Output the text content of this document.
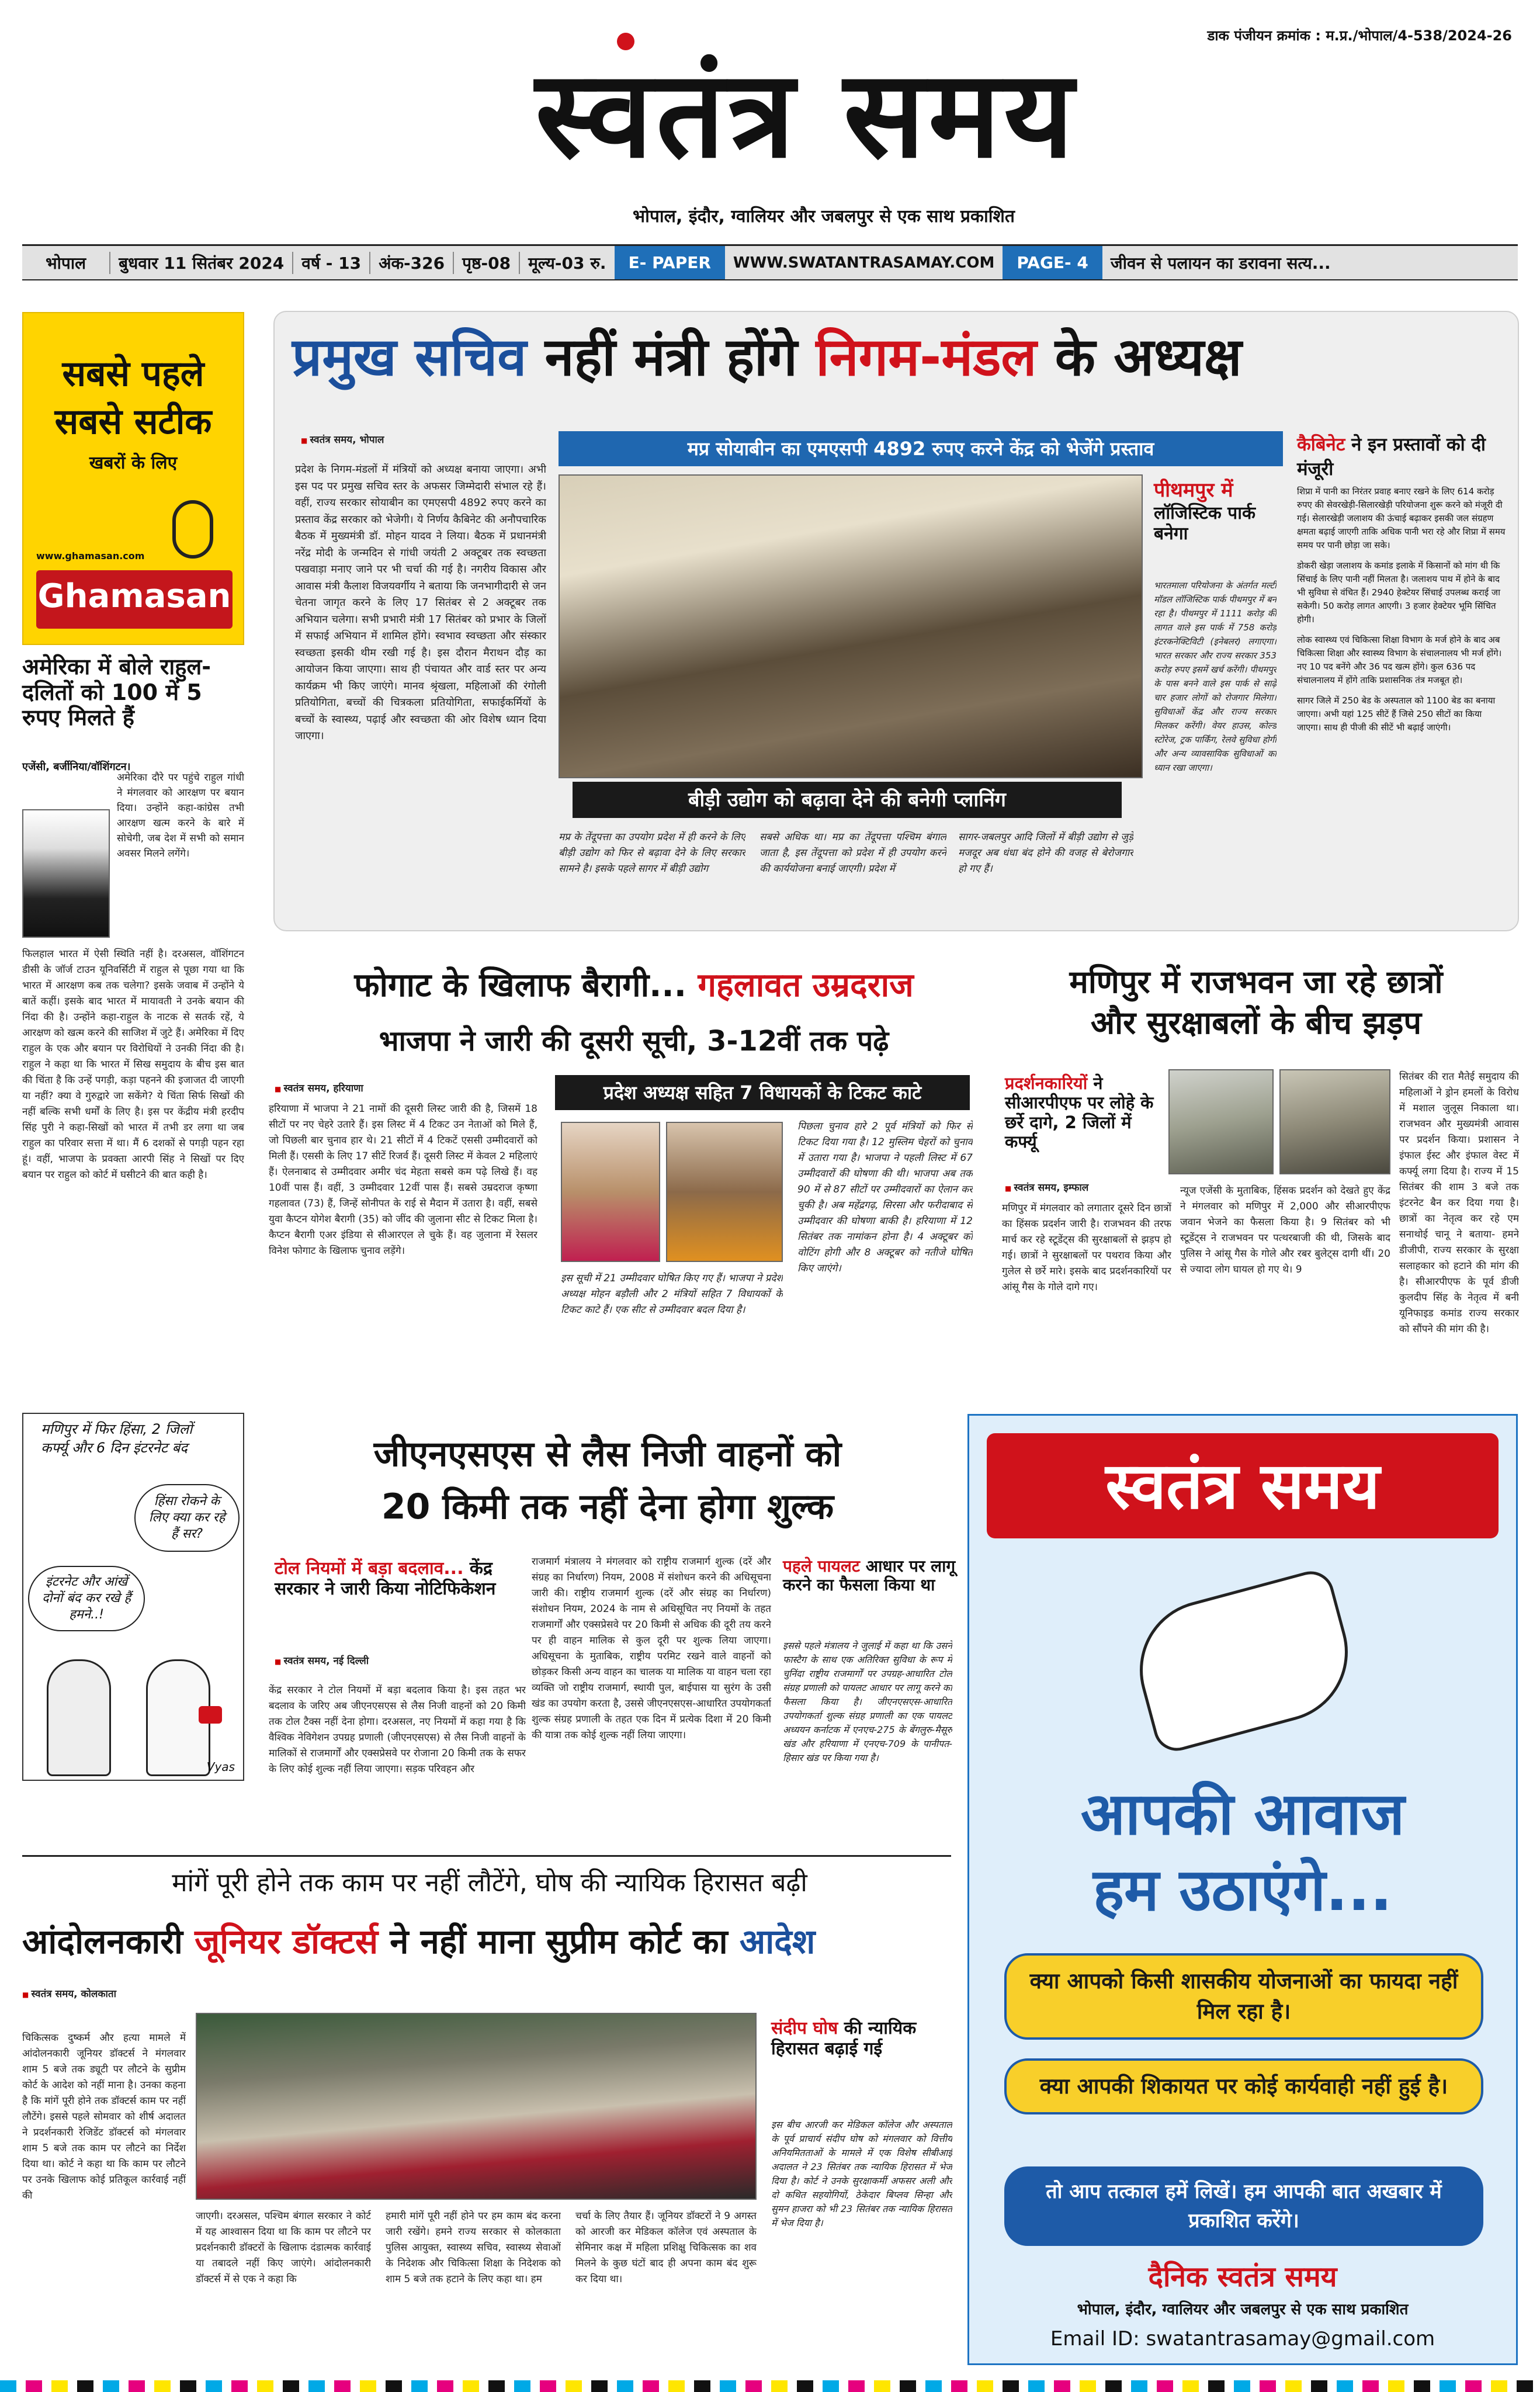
डाक पंजीयन क्रमांक : म.प्र./भोपाल/4-538/2024-26
स्वतंत्र समय
भोपाल, इंदौर, ग्वालियर और जबलपुर से एक साथ प्रकाशित
भोपाल	बुधवार 11 सितंबर 2024	वर्ष - 13	अंक-326	पृष्ठ-08	मूल्य-03 रु.	E- PAPER	WWW.SWATANTRASAMAY.COM	PAGE- 4	जीवन से पलायन का डरावना सत्य...
सबसे पहले
सबसे सटीक
खबरों के लिए
www.ghamasan.com
Ghamasan
अमेरिका में बोले राहुल-दलितों को 100 में 5 रुपए मिलते हैं
एजेंसी, बर्जीनिया/वॉशिंगटन।
अमेरिका दौरे पर पहुंचे राहुल गांधी ने मंगलवार को आरक्षण पर बयान दिया। उन्होंने कहा-कांग्रेस तभी आरक्षण खत्म करने के बारे में सोचेगी, जब देश में सभी को समान अवसर मिलने लगेंगे।
फिलहाल भारत में ऐसी स्थिति नहीं है। दरअसल, वॉशिंगटन डीसी के जॉर्ज टाउन यूनिवर्सिटी में राहुल से पूछा गया था कि भारत में आरक्षण कब तक चलेगा? इसके जवाब में उन्होंने ये बातें कहीं। इसके बाद भारत में मायावती ने उनके बयान की निंदा की है। उन्होंने कहा-राहुल के नाटक से सतर्क रहें, ये आरक्षण को खत्म करने की साजिश में जुटे हैं। अमेरिका में दिए राहुल के एक और बयान पर विरोधियों ने उनकी निंदा की है। राहुल ने कहा था कि भारत में सिख समुदाय के बीच इस बात की चिंता है कि उन्हें पगड़ी, कड़ा पहनने की इजाजत दी जाएगी या नहीं? क्या वे गुरुद्वारे जा सकेंगे? ये चिंता सिर्फ सिखों की नहीं बल्कि सभी धर्मों के लिए है। इस पर केंद्रीय मंत्री हरदीप सिंह पुरी ने कहा-सिखों को भारत में तभी डर लगा था जब राहुल का परिवार सत्ता में था। मैं 6 दशकों से पगड़ी पहन रहा हूं। वहीं, भाजपा के प्रवक्ता आरपी सिंह ने सिखों पर दिए बयान पर राहुल को कोर्ट में घसीटने की बात कही है।
प्रमुख सचिव नहीं मंत्री होंगे निगम-मंडल के अध्यक्ष
■ स्वतंत्र समय, भोपाल
प्रदेश के निगम-मंडलों में मंत्रियों को अध्यक्ष बनाया जाएगा। अभी इस पद पर प्रमुख सचिव स्तर के अफसर जिम्मेदारी संभाल रहे हैं। वहीं, राज्य सरकार सोयाबीन का एमएसपी 4892 रुपए करने का प्रस्ताव केंद्र सरकार को भेजेगी। ये निर्णय कैबिनेट की अनौपचारिक बैठक में मुख्यमंत्री डॉ. मोहन यादव ने लिया। बैठक में प्रधानमंत्री नरेंद्र मोदी के जन्मदिन से गांधी जयंती 2 अक्टूबर तक स्वच्छता पखवाड़ा मनाए जाने पर भी चर्चा की गई है। नगरीय विकास और आवास मंत्री कैलाश विजयवर्गीय ने बताया कि जनभागीदारी से जन चेतना जागृत करने के लिए 17 सितंबर से 2 अक्टूबर तक अभियान चलेगा। सभी प्रभारी मंत्री 17 सितंबर को प्रभार के जिलों में सफाई अभियान में शामिल होंगे। स्वभाव स्वच्छता और संस्कार स्वच्छता इसकी थीम रखी गई है। इस दौरान मैराथन दौड़ का आयोजन किया जाएगा। साथ ही पंचायत और वार्ड स्तर पर अन्य कार्यक्रम भी किए जाएंगे। मानव श्रृंखला, महिलाओं की रंगोली प्रतियोगिता, बच्चों की चित्रकला प्रतियोगिता, सफाईकर्मियों के बच्चों के स्वास्थ्य, पढ़ाई और स्वच्छता की ओर विशेष ध्यान दिया जाएगा।
मप्र सोयाबीन का एमएसपी 4892 रुपए करने केंद्र को भेजेंगे प्रस्ताव
बीड़ी उद्योग को बढ़ावा देने की बनेगी प्लानिंग
मप्र के तेंदूपत्ता का उपयोग प्रदेश में ही करने के लिए बीड़ी उद्योग को फिर से बढ़ावा देने के लिए सरकार सामने है। इसके पहले सागर में बीड़ी उद्योग
सबसे अधिक था। मप्र का तेंदूपत्ता पश्चिम बंगाल जाता है, इस तेंदूपत्ता को प्रदेश में ही उपयोग करने की कार्ययोजना बनाई जाएगी। प्रदेश में
सागर-जबलपुर आदि जिलों में बीड़ी उद्योग से जुड़े मजदूर अब धंधा बंद होने की वजह से बेरोजगार हो गए हैं।
पीथमपुर में
लॉजिस्टिक पार्क बनेगा
भारतमाला परियोजना के अंतर्गत मल्टी मॉडल लॉजिस्टिक पार्क पीथमपुर में बन रहा है। पीथमपुर में 1111 करोड़ की लागत वाले इस पार्क में 758 करोड़ इंटरकनेक्टिविटी (इनेबलर) लगाएगा। भारत सरकार और राज्य सरकार 353 करोड़ रुपए इसमें खर्च करेंगी। पीथमपुर के पास बनने वाले इस पार्क से साढ़े चार हजार लोगों को रोजगार मिलेगा। सुविधाओं केंद्र और राज्य सरकार मिलकर करेंगी। वेयर हाउस, कोल्ड स्टोरेज, ट्रक पार्किंग, रेलवे सुविधा होगी और अन्य व्यावसायिक सुविधाओं का ध्यान रखा जाएगा।
कैबिनेट ने इन प्रस्तावों को दी मंजूरी
शिप्रा में पानी का निरंतर प्रवाह बनाए रखने के लिए 614 करोड़ रुपए की सेवरखेड़ी-सिलारखेड़ी परियोजना शुरू करने को मंजूरी दी गई। सेलारखेड़ी जलाशय की ऊंचाई बढ़ाकर इसकी जल संग्रहण क्षमता बढ़ाई जाएगी ताकि अधिक पानी भरा रहे और शिप्रा में समय समय पर पानी छोड़ा जा सके।
डोकरी खेड़ा जलाशय के कमांड इलाके में किसानों को मांग थी कि सिंचाई के लिए पानी नहीं मिलता है। जलाशय पाथ में होने के बाद भी सुविधा से वंचित हैं। 2940 हेक्टेयर सिंचाई उपलब्ध कराई जा सकेगी। 50 करोड़ लागत आएगी। 3 हजार हेक्टेयर भूमि सिंचित होगी।
लोक स्वास्थ्य एवं चिकित्सा शिक्षा विभाग के मर्ज होने के बाद अब चिकित्सा शिक्षा और स्वास्थ्य विभाग के संचालनालय भी मर्ज होंगे। नए 10 पद बनेंगे और 36 पद खत्म होंगे। कुल 636 पद संचालनालय में होंगे ताकि प्रशासनिक तंत्र मजबूत हो।
सागर जिले में 250 बेड के अस्पताल को 1100 बेड का बनाया जाएगा। अभी यहां 125 सीटें हैं जिसे 250 सीटों का किया जाएगा। साथ ही पीजी की सीटें भी बढ़ाई जाएंगी।
फोगाट के खिलाफ बैरागी... गहलावत उम्रदराज
भाजपा ने जारी की दूसरी सूची, 3-12वीं तक पढ़े
■ स्वतंत्र समय, हरियाणा
हरियाणा में भाजपा ने 21 नामों की दूसरी लिस्ट जारी की है, जिसमें 18 सीटों पर नए चेहरे उतारे हैं। इस लिस्ट में 4 टिकट उन नेताओं को मिले हैं, जो पिछली बार चुनाव हार थे। 21 सीटों में 4 टिकटें एससी उम्मीदवारों को मिली हैं। एससी के लिए 17 सीटें रिजर्व हैं। दूसरी लिस्ट में केवल 2 महिलाएं हैं। ऐलनाबाद से उम्मीदवार अमीर चंद मेहता सबसे कम पढ़े लिखे हैं। वह 10वीं पास हैं। वहीं, 3 उम्मीदवार 12वीं पास हैं। सबसे उम्रदराज कृष्णा गहलावत (73) हैं, जिन्हें सोनीपत के राई से मैदान में उतारा है। वहीं, सबसे युवा कैप्टन योगेश बैरागी (35) को जींद की जुलाना सीट से टिकट मिला है। कैप्टन बैरागी एअर इंडिया से सीआरएल ले चुके हैं। वह जुलाना में रेसलर विनेश फोगाट के खिलाफ चुनाव लड़ेंगे।
प्रदेश अध्यक्ष सहित 7 विधायकों के टिकट काटे
इस सूची में 21 उम्मीदवार घोषित किए गए हैं। भाजपा ने प्रदेश अध्यक्ष मोहन बड़ौली और 2 मंत्रियों सहित 7 विधायकों के टिकट काटे हैं। एक सीट से उम्मीदवार बदल दिया है।
पिछला चुनाव हारे 2 पूर्व मंत्रियों को फिर से टिकट दिया गया है। 12 मुस्लिम चेहरों को चुनाव में उतारा गया है। भाजपा ने पहली लिस्ट में 67 उम्मीदवारों की घोषणा की थी। भाजपा अब तक 90 में से 87 सीटों पर उम्मीदवारों का ऐलान कर चुकी है। अब महेंद्रगढ़, सिरसा और फरीदाबाद से उम्मीदवार की घोषणा बाकी है। हरियाणा में 12 सितंबर तक नामांकन होना है। 4 अक्टूबर को वोटिंग होगी और 8 अक्टूबर को नतीजे घोषित किए जाएंगे।
मणिपुर में राजभवन जा रहे छात्रों
और सुरक्षाबलों के बीच झड़प
प्रदर्शनकारियों ने सीआरपीएफ पर लोहे के छर्रे दागे, 2 जिलों में कर्फ्यू
■ स्वतंत्र समय, इम्फाल
मणिपुर में मंगलवार को लगातार दूसरे दिन छात्रों का हिंसक प्रदर्शन जारी है। राजभवन की तरफ मार्च कर रहे स्टूडेंट्स की सुरक्षाबलों से झड़प हो गई। छात्रों ने सुरक्षाबलों पर पथराव किया और गुलेल से छर्रे मारे। इसके बाद प्रदर्शनकारियों पर आंसू गैस के गोले दागे गए।
न्यूज एजेंसी के मुताबिक, हिंसक प्रदर्शन को देखते हुए केंद्र ने मंगलवार को मणिपुर में 2,000 और सीआरपीएफ जवान भेजने का फैसला किया है। 9 सितंबर को भी स्टूडेंट्स ने राजभवन पर पत्थरबाजी की थी, जिसके बाद पुलिस ने आंसू गैस के गोले और रबर बुलेट्स दागी थीं। 20 से ज्यादा लोग घायल हो गए थे। 9
सितंबर की रात मैतेई समुदाय की महिलाओं ने ड्रोन हमलों के विरोध में मशाल जुलूस निकाला था। राजभवन और मुख्यमंत्री आवास पर प्रदर्शन किया। प्रशासन ने इंफाल ईस्ट और इंफाल वेस्ट में कर्फ्यू लगा दिया है। राज्य में 15 सितंबर की शाम 3 बजे तक इंटरनेट बैन कर दिया गया है। छात्रों का नेतृत्व कर रहे एम सनाथोई चानू ने बताया- हमने डीजीपी, राज्य सरकार के सुरक्षा सलाहकार को हटाने की मांग की है। सीआरपीएफ के पूर्व डीजी कुलदीप सिंह के नेतृत्व में बनी यूनिफाइड कमांड राज्य सरकार को सौंपने की मांग की है।
मणिपुर में फिर हिंसा, 2 जिलों कर्फ्यू और 6 दिन इंटरनेट बंद
हिंसा रोकने के लिए क्या कर रहे हैं सर?
इंटरनेट और आंखें दोनों बंद कर रखे हैं हमने..!
Vyas
जीएनएसएस से लैस निजी वाहनों को
20 किमी तक नहीं देना होगा शुल्क
टोल नियमों में बड़ा बदलाव... केंद्र सरकार ने जारी किया नोटिफिकेशन
■ स्वतंत्र समय, नई दिल्ली
केंद्र सरकार ने टोल नियमों में बड़ा बदलाव किया है। इस तहत भर बदलाव के जरिए अब जीएनएसएस से लैस निजी वाहनों को 20 किमी तक टोल टैक्स नहीं देना होगा। दरअसल, नए नियमों में कहा गया है कि वैश्विक नेविगेशन उपग्रह प्रणाली (जीएनएसएस) से लैस निजी वाहनों के मालिकों से राजमार्गों और एक्सप्रेसवे पर रोजाना 20 किमी तक के सफर के लिए कोई शुल्क नहीं लिया जाएगा। सड़क परिवहन और
राजमार्ग मंत्रालय ने मंगलवार को राष्ट्रीय राजमार्ग शुल्क (दरें और संग्रह का निर्धारण) नियम, 2008 में संशोधन करने की अधिसूचना जारी की। राष्ट्रीय राजमार्ग शुल्क (दरें और संग्रह का निर्धारण) संशोधन नियम, 2024 के नाम से अधिसूचित नए नियमों के तहत राजमार्गों और एक्सप्रेसवे पर 20 किमी से अधिक की दूरी तय करने पर ही वाहन मालिक से कुल दूरी पर शुल्क लिया जाएगा। अधिसूचना के मुताबिक, राष्ट्रीय परमिट रखने वाले वाहनों को छोड़कर किसी अन्य वाहन का चालक या मालिक या वाहन चला रहा व्यक्ति जो राष्ट्रीय राजमार्ग, स्थायी पुल, बाईपास या सुरंग के उसी खंड का उपयोग करता है, उससे जीएनएसएस-आधारित उपयोगकर्ता शुल्क संग्रह प्रणाली के तहत एक दिन में प्रत्येक दिशा में 20 किमी की यात्रा तक कोई शुल्क नहीं लिया जाएगा।
पहले पायलट आधार पर लागू करने का फैसला किया था
इससे पहले मंत्रालय ने जुलाई में कहा था कि उसने फास्टैग के साथ एक अतिरिक्त सुविधा के रूप में चुनिंदा राष्ट्रीय राजमार्गों पर उपग्रह-आधारित टोल संग्रह प्रणाली को पायलट आधार पर लागू करने का फैसला किया है। जीएनएसएस-आधारित उपयोगकर्ता शुल्क संग्रह प्रणाली का एक पायलट अध्ययन कर्नाटक में एनएच-275 के बेंगलुरु-मैसूरु खंड और हरियाणा में एनएच-709 के पानीपत-हिसार खंड पर किया गया है।
मांगें पूरी होने तक काम पर नहीं लौटेंगे, घोष की न्यायिक हिरासत बढ़ी
आंदोलनकारी जूनियर डॉक्टर्स ने नहीं माना सुप्रीम कोर्ट का आदेश
■ स्वतंत्र समय, कोलकाता
चिकित्सक दुष्कर्म और हत्या मामले में आंदोलनकारी जूनियर डॉक्टर्स ने मंगलवार शाम 5 बजे तक ड्यूटी पर लौटने के सुप्रीम कोर्ट के आदेश को नहीं माना है। उनका कहना है कि मांगें पूरी होने तक डॉक्टर्स काम पर नहीं लौटेंगे। इससे पहले सोमवार को शीर्ष अदालत ने प्रदर्शनकारी रेजिडेंट डॉक्टर्स को मंगलवार शाम 5 बजे तक काम पर लौटने का निर्देश दिया था। कोर्ट ने कहा था कि काम पर लौटने पर उनके खिलाफ कोई प्रतिकूल कार्रवाई नहीं की
जाएगी। दरअसल, पश्चिम बंगाल सरकार ने कोर्ट में यह आश्वासन दिया था कि काम पर लौटने पर प्रदर्शनकारी डॉक्टरों के खिलाफ दंडात्मक कार्रवाई या तबादले नहीं किए जाएंगे। आंदोलनकारी डॉक्टर्स में से एक ने कहा कि
हमारी मांगें पूरी नहीं होने पर हम काम बंद करना जारी रखेंगे। हमने राज्य सरकार से कोलकाता पुलिस आयुक्त, स्वास्थ्य सचिव, स्वास्थ्य सेवाओं के निदेशक और चिकित्सा शिक्षा के निदेशक को शाम 5 बजे तक हटाने के लिए कहा था। हम
चर्चा के लिए तैयार हैं। जूनियर डॉक्टरों ने 9 अगस्त को आरजी कर मेडिकल कॉलेज एवं अस्पताल के सेमिनार कक्ष में महिला प्रशिक्षु चिकित्सक का शव मिलने के कुछ घंटों बाद ही अपना काम बंद शुरू कर दिया था।
संदीप घोष की न्यायिक हिरासत बढ़ाई गई
इस बीच आरजी कर मेडिकल कॉलेज और अस्पताल के पूर्व प्राचार्य संदीप घोष को मंगलवार को वित्तीय अनियमितताओं के मामले में एक विशेष सीबीआई अदालत ने 23 सितंबर तक न्यायिक हिरासत में भेज दिया है। कोर्ट ने उनके सुरक्षाकर्मी अफसर अली और दो कथित सहयोगियों, ठेकेदार बिप्लव सिन्हा और सुमन हाजरा को भी 23 सितंबर तक न्यायिक हिरासत में भेज दिया है।
स्वतंत्र समय
आपकी आवाज
हम उठाएंगे...
क्या आपको किसी शासकीय योजनाओं का फायदा नहीं मिल रहा है।
क्या आपकी शिकायत पर कोई कार्यवाही नहीं हुई है।
तो आप तत्काल हमें लिखें। हम आपकी बात अखबार में प्रकाशित करेंगे।
दैनिक स्वतंत्र समय
भोपाल, इंदौर, ग्वालियर और जबलपुर से एक साथ प्रकाशित
Email ID: swatantrasamay@gmail.com
